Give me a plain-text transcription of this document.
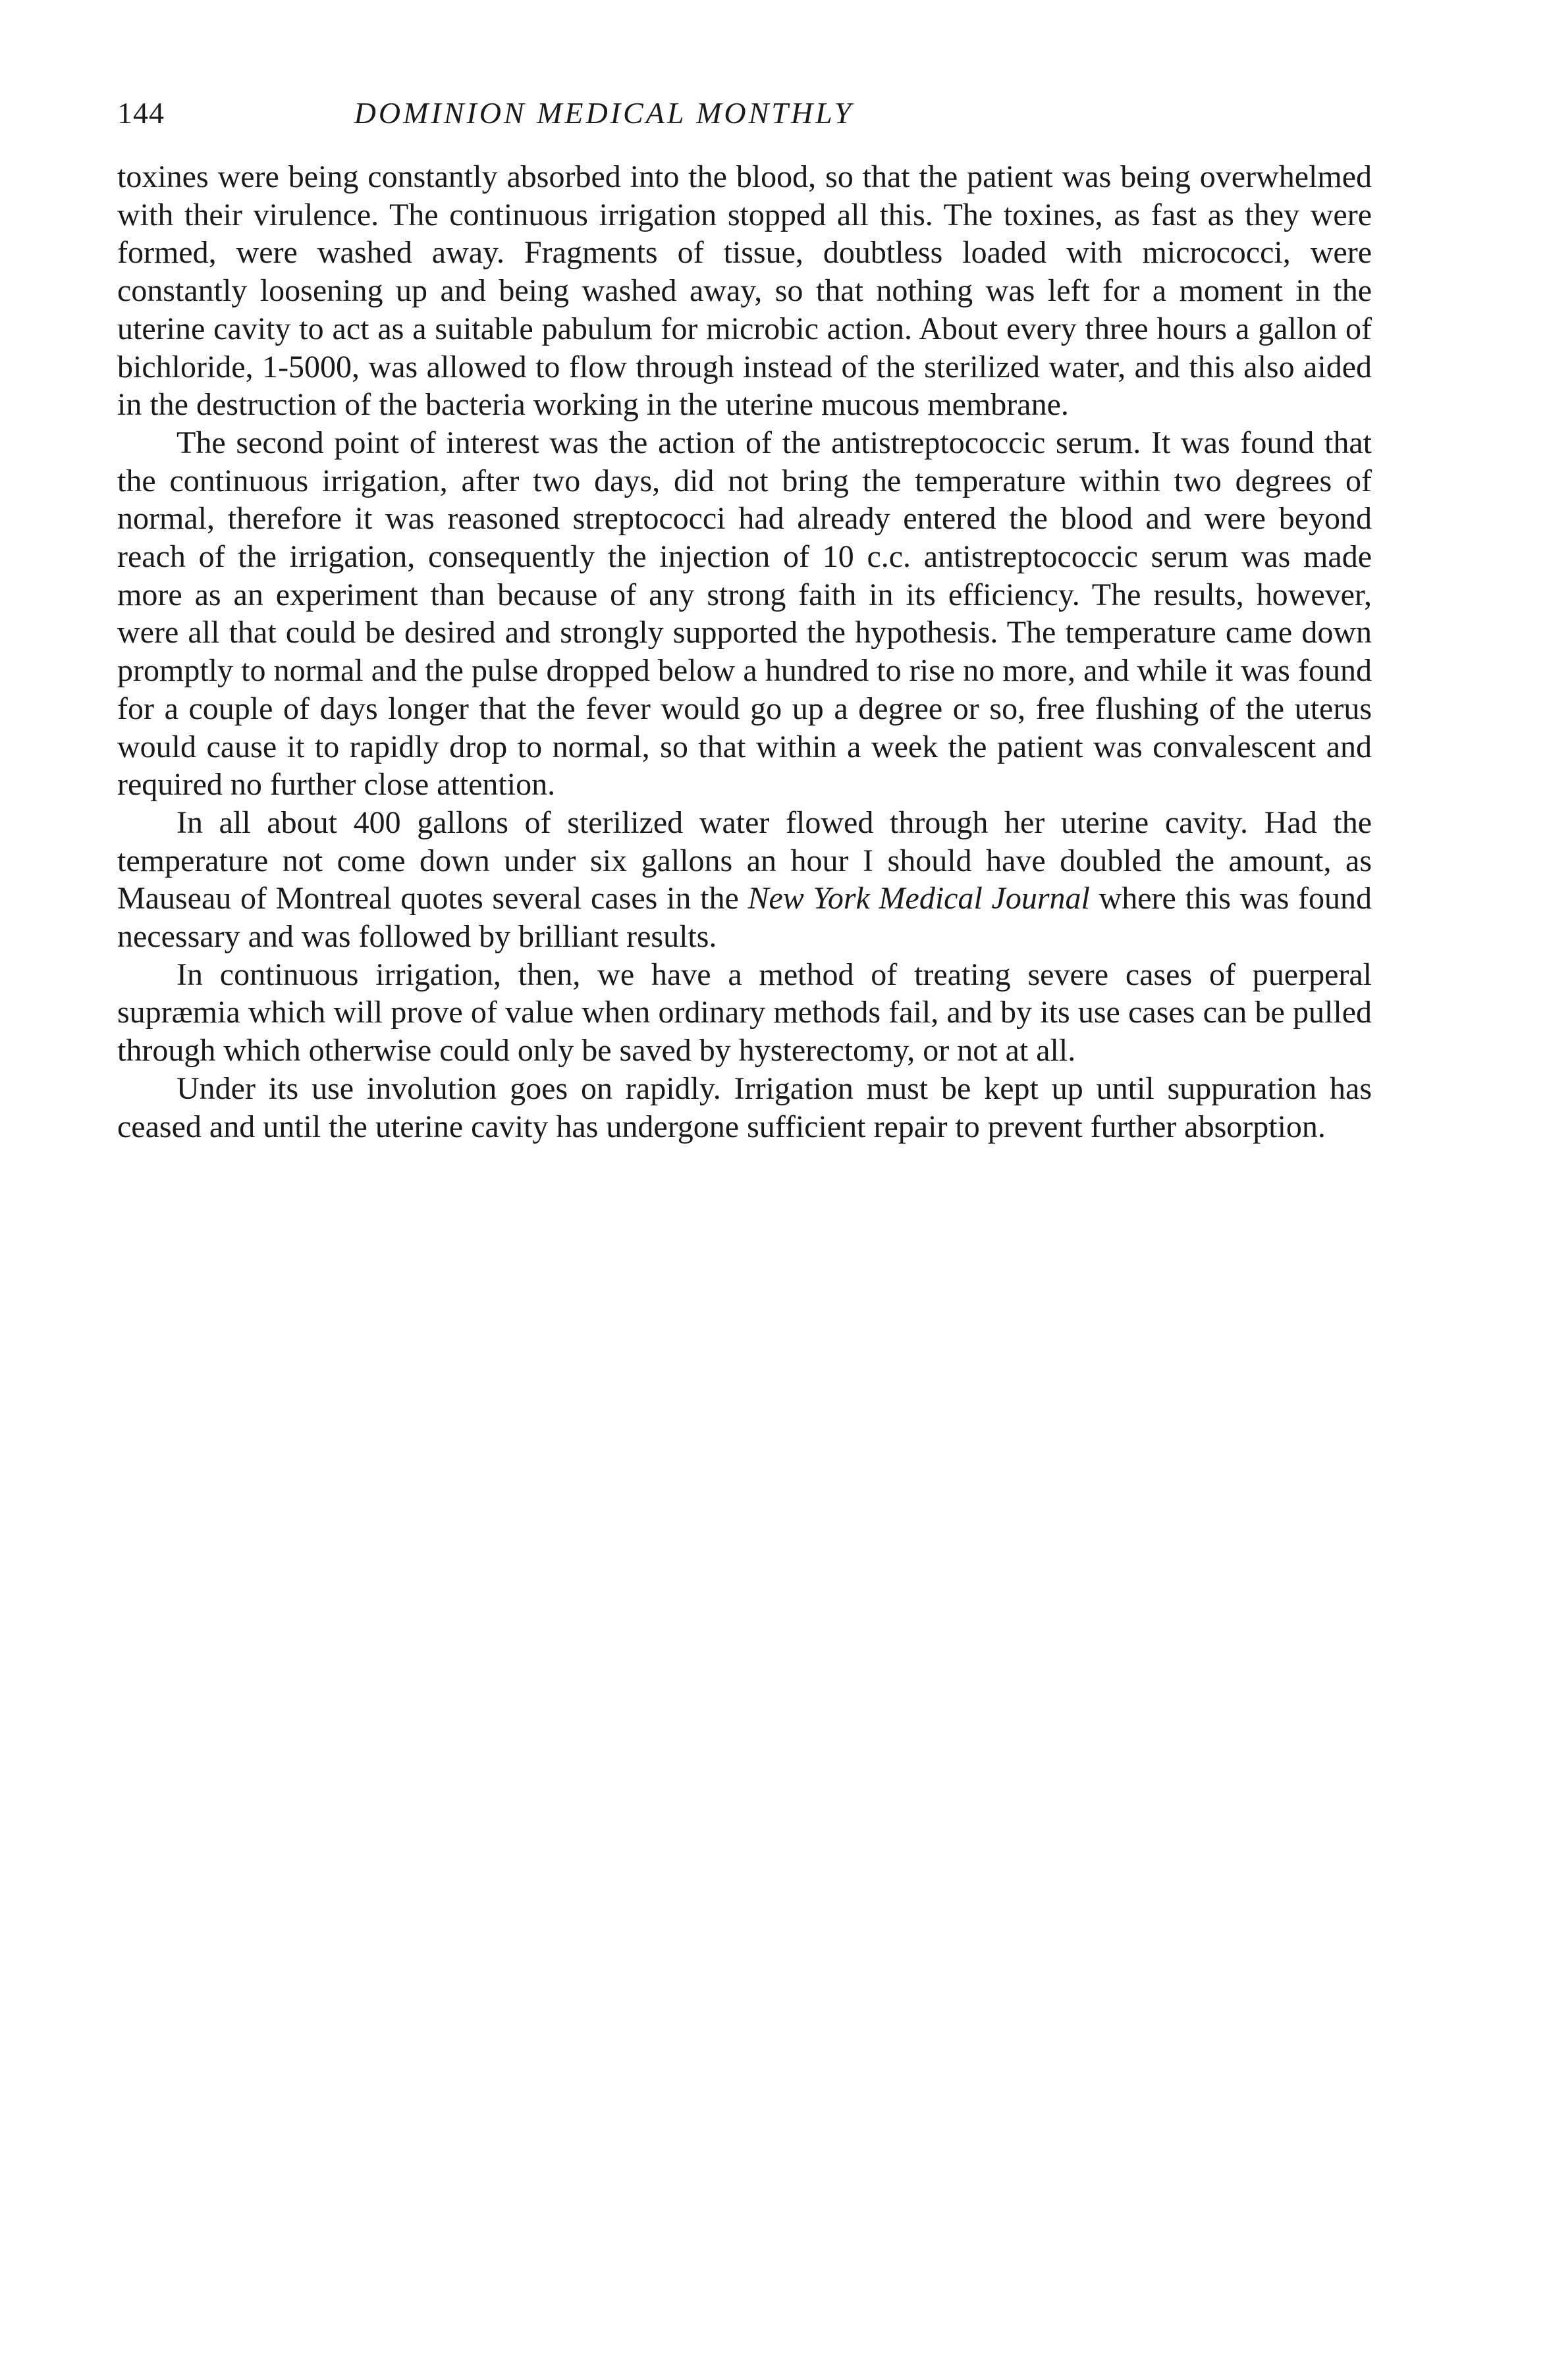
144	DOMINION MEDICAL MONTHLY

toxines were being constantly absorbed into the blood, so that the patient was being overwhelmed with their virulence. The continuous irrigation stopped all this. The toxines, as fast as they were formed, were washed away. Fragments of tissue, doubtless loaded with micrococci, were constantly loosening up and being washed away, so that nothing was left for a moment in the uterine cavity to act as a suitable pabulum for microbic action. About every three hours a gallon of bichloride, 1-5000, was allowed to flow through instead of the sterilized water, and this also aided in the destruction of the bacteria working in the uterine mucous membrane.

The second point of interest was the action of the antistreptococcic serum. It was found that the continuous irrigation, after two days, did not bring the temperature within two degrees of normal, therefore it was reasoned streptococci had already entered the blood and were beyond reach of the irrigation, consequently the injection of 10 c.c. antistreptococcic serum was made more as an experiment than because of any strong faith in its efficiency. The results, however, were all that could be desired and strongly supported the hypothesis. The temperature came down promptly to normal and the pulse dropped below a hundred to rise no more, and while it was found for a couple of days longer that the fever would go up a degree or so, free flushing of the uterus would cause it to rapidly drop to normal, so that within a week the patient was convalescent and required no further close attention.

In all about 400 gallons of sterilized water flowed through her uterine cavity. Had the temperature not come down under six gallons an hour I should have doubled the amount, as Mauseau of Montreal quotes several cases in the New York Medical Journal where this was found necessary and was followed by brilliant results.

In continuous irrigation, then, we have a method of treating severe cases of puerperal supræmia which will prove of value when ordinary methods fail, and by its use cases can be pulled through which otherwise could only be saved by hysterectomy, or not at all.

Under its use involution goes on rapidly. Irrigation must be kept up until suppuration has ceased and until the uterine cavity has undergone sufficient repair to prevent further absorption.
